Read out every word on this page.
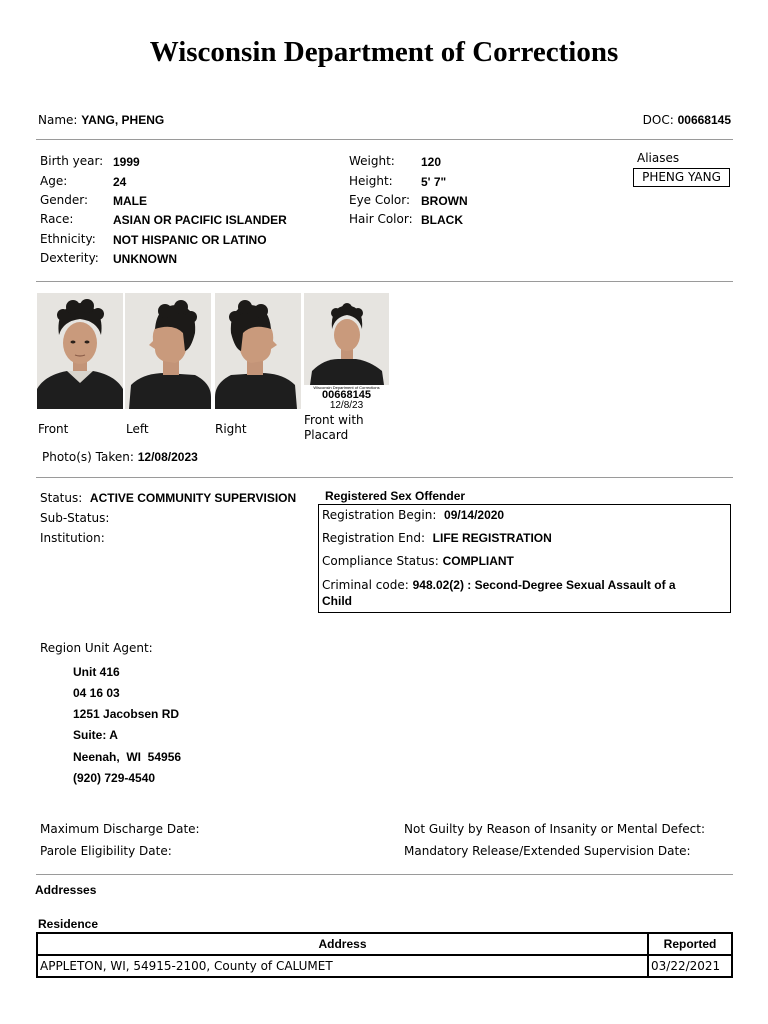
Wisconsin Department of Corrections
Name: YANG, PHENG	DOC: 00668145
Birth year: 1999
Age:	24
Gender: MALE
Race:	ASIAN OR PACIFIC ISLANDER
Ethnicity: NOT HISPANIC OR LATINO
Dexterity: UNKNOWN
Weight: 120
Height: 5' 7"
Eye Color: BROWN
Hair Color: BLACK
Aliases
PHENG YANG
Wisconsin Department of Corrections
00668145
12/8/23
Front	Left	Right
Front with Placard
Photo(s) Taken: 12/08/2023
Status: ACTIVE COMMUNITY SUPERVISION
Sub-Status:
Institution:
Registered Sex Offender
Registration Begin: 09/14/2020
Registration End: LIFE REGISTRATION
Compliance Status: COMPLIANT
Criminal code: 948.02(2) : Second-Degree Sexual Assault of a
Child
Region Unit Agent:
Unit 416
04 16 03
1251 Jacobsen RD
Suite: A
Neenah,  WI  54956
(920) 729-4540
Maximum Discharge Date:
Parole Eligibility Date:
Not Guilty by Reason of Insanity or Mental Defect:
Mandatory Release/Extended Supervision Date:
Addresses
Residence
Address	Reported
APPLETON, WI, 54915-2100, County of CALUMET	03/22/2021
